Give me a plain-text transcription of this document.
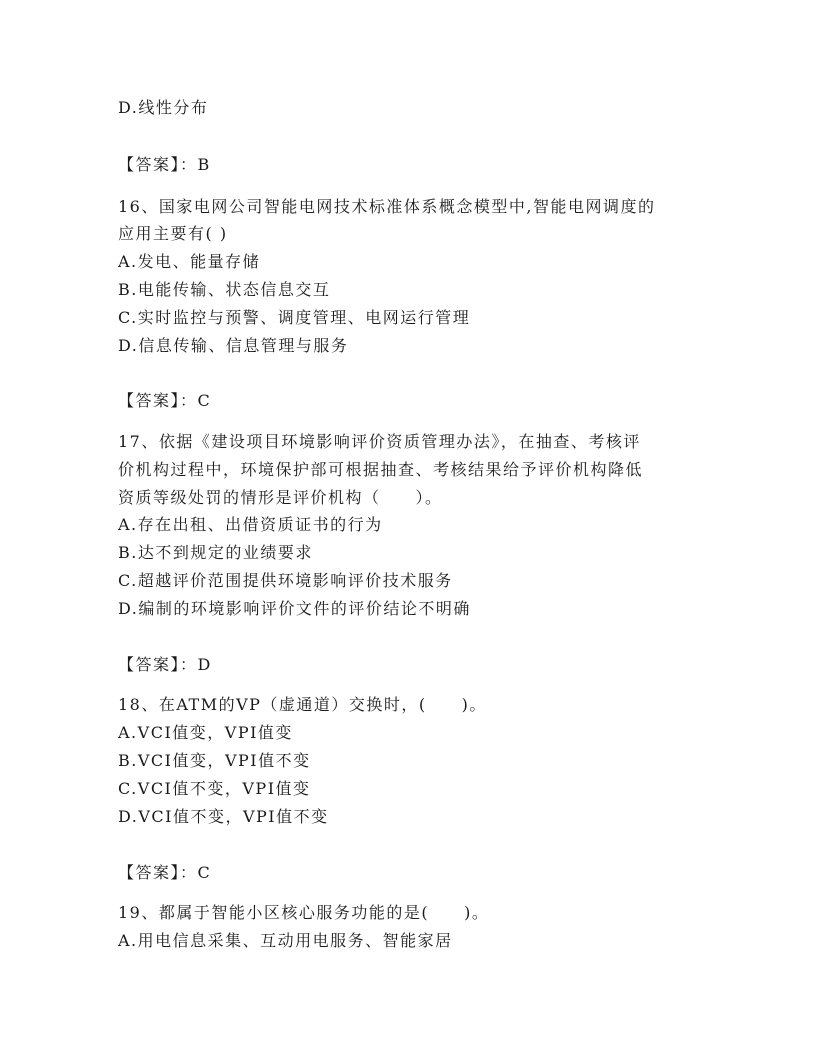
D.线性分布
【答案】：B
16、国家电网公司智能电网技术标准体系概念模型中,智能电网调度的
应用主要有( )
A.发电、能量存储
B.电能传输、状态信息交互
C.实时监控与预警、调度管理、电网运行管理
D.信息传输、信息管理与服务
【答案】：C
17、依据《建设项目环境影响评价资质管理办法》，在抽查、考核评
价机构过程中，环境保护部可根据抽查、考核结果给予评价机构降低
资质等级处罚的情形是评价机构（　　）。
A.存在出租、出借资质证书的行为
B.达不到规定的业绩要求
C.超越评价范围提供环境影响评价技术服务
D.编制的环境影响评价文件的评价结论不明确
【答案】：D
18、在ATM的VP（虚通道）交换时，(　　)。
A.VCI值变，VPI值变
B.VCI值变，VPI值不变
C.VCI值不变，VPI值变
D.VCI值不变，VPI值不变
【答案】：C
19、都属于智能小区核心服务功能的是(　　)。
A.用电信息采集、互动用电服务、智能家居
